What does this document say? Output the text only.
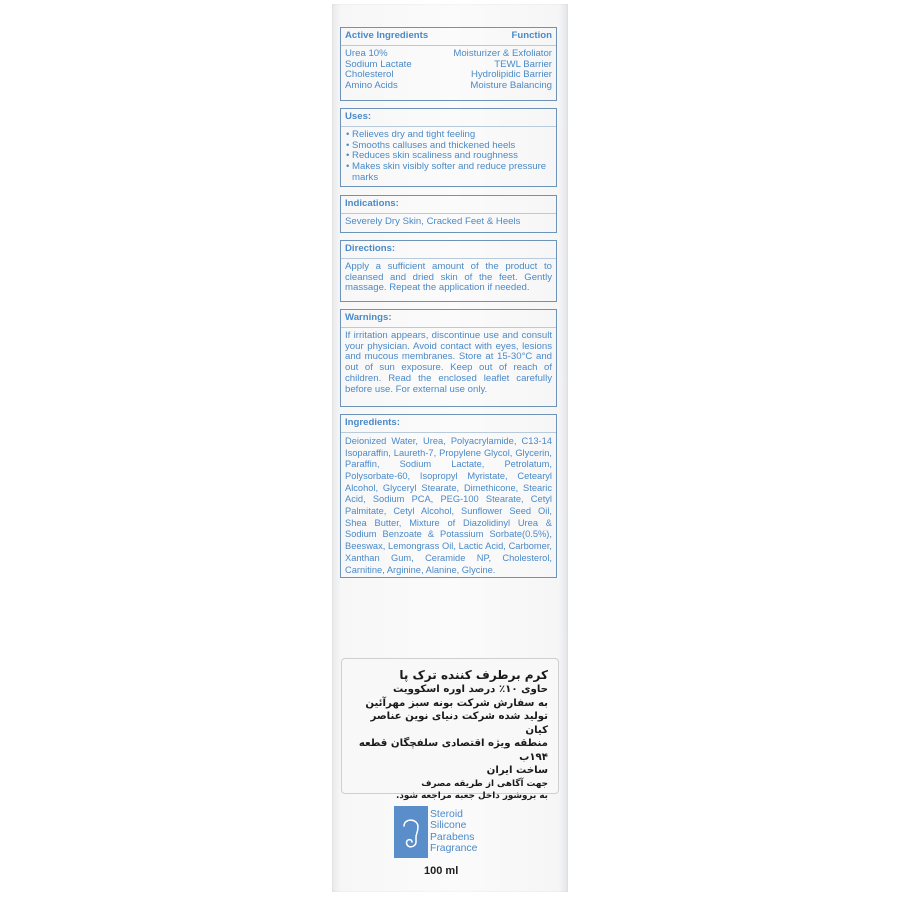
Active Ingredients	Function
Urea 10%	Moisturizer & Exfoliator
Sodium Lactate	TEWL Barrier
Cholesterol	Hydrolipidic Barrier
Amino Acids	Moisture Balancing
Uses:
• Relieves dry and tight feeling
• Smooths calluses and thickened heels
• Reduces skin scaliness and roughness
• Makes skin visibly softer and reduce pressure marks
Indications:
Severely Dry Skin, Cracked Feet & Heels
Directions:
Apply a sufficient amount of the product to cleansed and dried skin of the feet. Gently massage. Repeat the application if needed.
Warnings:
If irritation appears, discontinue use and consult your physician. Avoid contact with eyes, lesions and mucous membranes. Store at 15-30°C and out of sun exposure. Keep out of reach of children. Read the enclosed leaflet carefully before use. For external use only.
Ingredients:
Deionized Water, Urea, Polyacrylamide, C13-14 Isoparaffin, Laureth-7, Propylene Glycol, Glycerin, Paraffin, Sodium Lactate, Petrolatum, Polysorbate-60, Isopropyl Myristate, Cetearyl Alcohol, Glyceryl Stearate, Dimethicone, Stearic Acid, Sodium PCA, PEG-100 Stearate, Cetyl Palmitate, Cetyl Alcohol, Sunflower Seed Oil, Shea Butter, Mixture of Diazolidinyl Urea & Sodium Benzoate & Potassium Sorbate(0.5%), Beeswax, Lemongrass Oil, Lactic Acid, Carbomer, Xanthan Gum, Ceramide NP, Cholesterol, Carnitine, Arginine, Alanine, Glycine.
کرم برطرف کننده ترک پا
حاوی ۱۰٪ درصد اوره اسکوویت
به سفارش شرکت بونه سبز مهرآئین
تولید شده شرکت دنیای نوین عناصر کیان
منطقه ویژه اقتصادی سلفچگان قطعه ۱۹۴ب
ساخت ایران
جهت آگاهی از طریقه مصرف
به بروشور داخل جعبه مراجعه شود.
Steroid
Silicone
Parabens
Fragrance
100 ml
